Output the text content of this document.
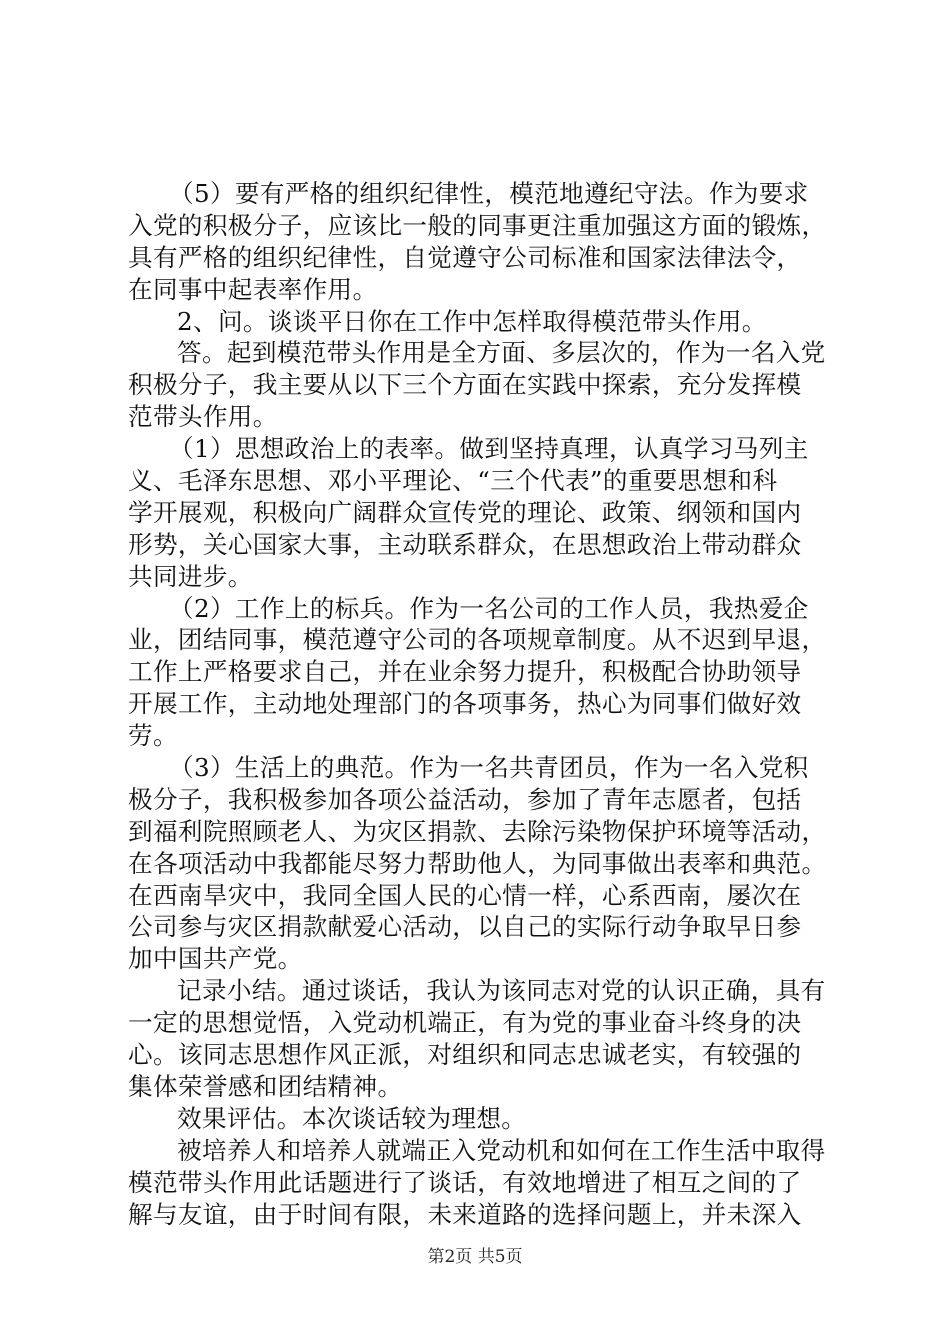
（5）要有严格的组织纪律性，模范地遵纪守法。作为要求
入党的积极分子，应该比一般的同事更注重加强这方面的锻炼，
具有严格的组织纪律性，自觉遵守公司标准和国家法律法令，
在同事中起表率作用。
2、问。谈谈平日你在工作中怎样取得模范带头作用。
答。起到模范带头作用是全方面、多层次的，作为一名入党
积极分子，我主要从以下三个方面在实践中探索，充分发挥模
范带头作用。
（1）思想政治上的表率。做到坚持真理，认真学习马列主
义、毛泽东思想、邓小平理论、“三个代表”的重要思想和科
学开展观，积极向广阔群众宣传党的理论、政策、纲领和国内
形势，关心国家大事，主动联系群众，在思想政治上带动群众
共同进步。
（2）工作上的标兵。作为一名公司的工作人员，我热爱企
业，团结同事，模范遵守公司的各项规章制度。从不迟到早退，
工作上严格要求自己，并在业余努力提升，积极配合协助领导
开展工作，主动地处理部门的各项事务，热心为同事们做好效
劳。
（3）生活上的典范。作为一名共青团员，作为一名入党积
极分子，我积极参加各项公益活动，参加了青年志愿者，包括
到福利院照顾老人、为灾区捐款、去除污染物保护环境等活动，
在各项活动中我都能尽努力帮助他人，为同事做出表率和典范。
在西南旱灾中，我同全国人民的心情一样，心系西南，屡次在
公司参与灾区捐款献爱心活动，以自己的实际行动争取早日参
加中国共产党。
记录小结。通过谈话，我认为该同志对党的认识正确，具有
一定的思想觉悟，入党动机端正，有为党的事业奋斗终身的决
心。该同志思想作风正派，对组织和同志忠诚老实，有较强的
集体荣誉感和团结精神。
效果评估。本次谈话较为理想。
被培养人和培养人就端正入党动机和如何在工作生活中取得
模范带头作用此话题进行了谈话，有效地增进了相互之间的了
解与友谊，由于时间有限，未来道路的选择问题上，并未深入
第2页 共5页
